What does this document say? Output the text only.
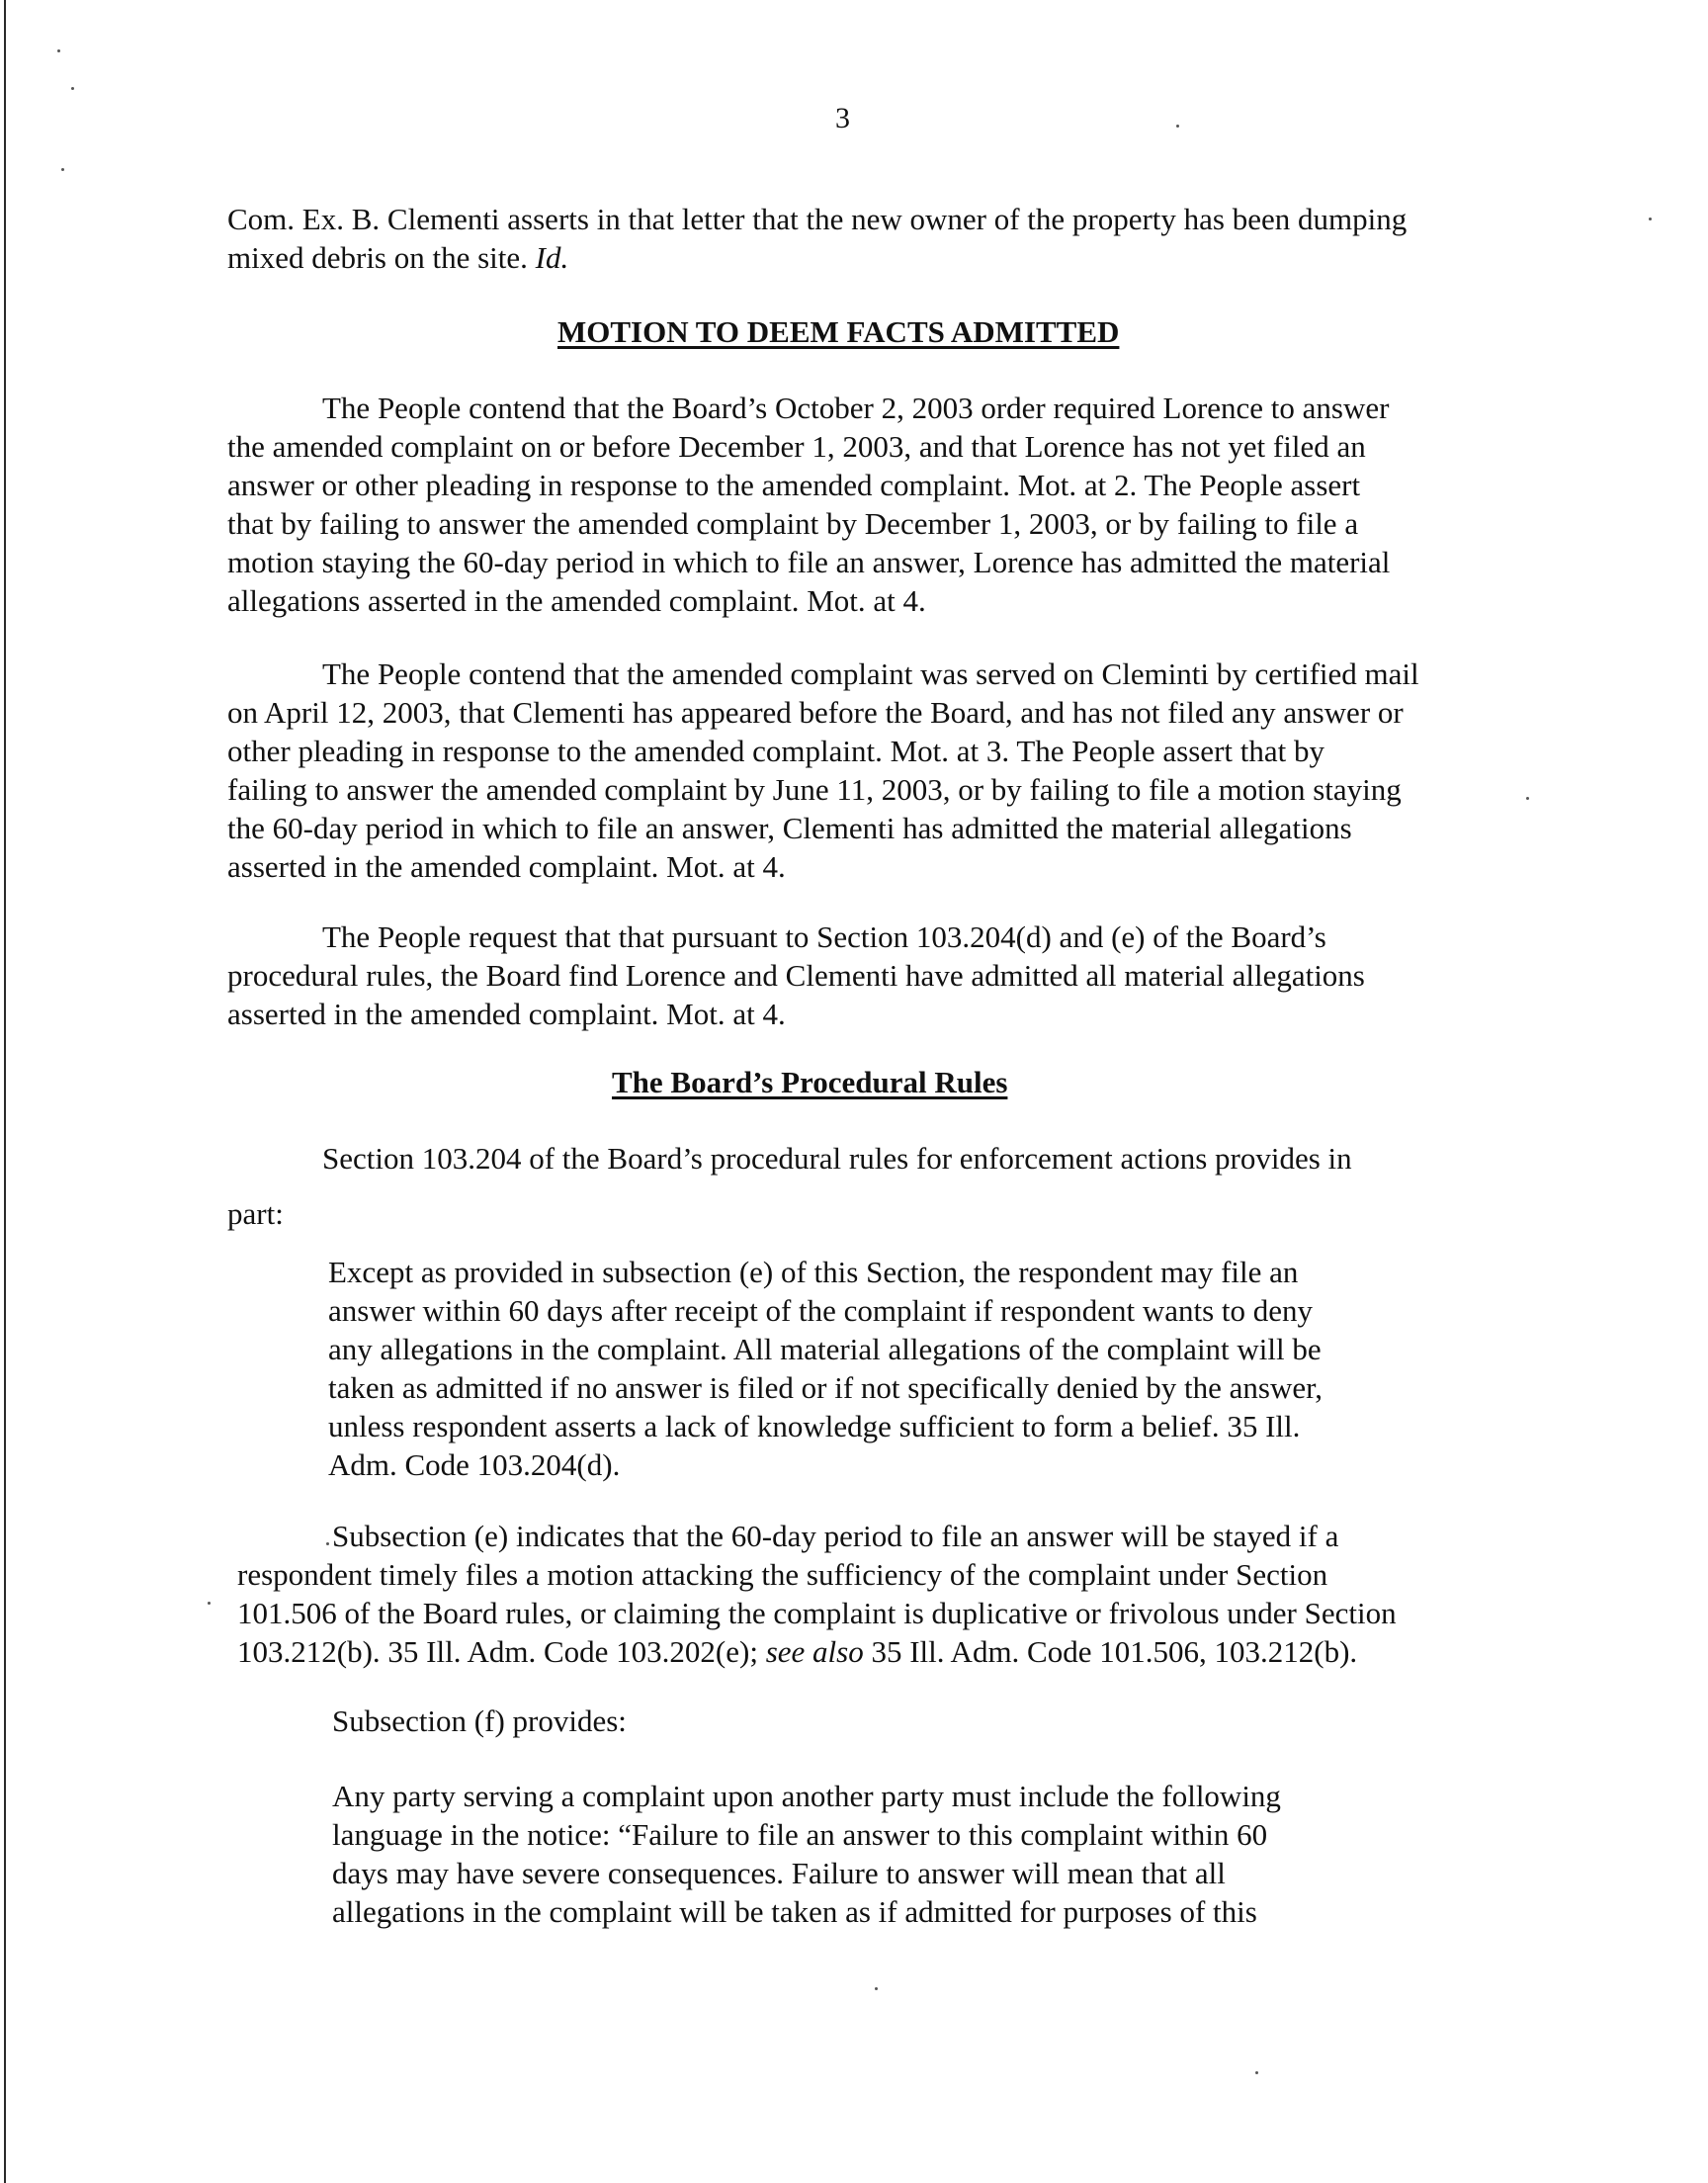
3
Com. Ex. B. Clementi asserts in that letter that the new owner of the property has been dumping
mixed debris on the site. Id.
MOTION TO DEEM FACTS ADMITTED
The People contend that the Board’s October 2, 2003 order required Lorence to answer
the amended complaint on or before December 1, 2003, and that Lorence has not yet filed an
answer or other pleading in response to the amended complaint. Mot. at 2. The People assert
that by failing to answer the amended complaint by December 1, 2003, or by failing to file a
motion staying the 60-day period in which to file an answer, Lorence has admitted the material
allegations asserted in the amended complaint. Mot. at 4.
The People contend that the amended complaint was served on Cleminti by certified mail
on April 12, 2003, that Clementi has appeared before the Board, and has not filed any answer or
other pleading in response to the amended complaint. Mot. at 3. The People assert that by
failing to answer the amended complaint by June 11, 2003, or by failing to file a motion staying
the 60-day period in which to file an answer, Clementi has admitted the material allegations
asserted in the amended complaint. Mot. at 4.
The People request that that pursuant to Section 103.204(d) and (e) of the Board’s
procedural rules, the Board find Lorence and Clementi have admitted all material allegations
asserted in the amended complaint. Mot. at 4.
The Board’s Procedural Rules
Section 103.204 of the Board’s procedural rules for enforcement actions provides in
part:
Except as provided in subsection (e) of this Section, the respondent may file an
answer within 60 days after receipt of the complaint if respondent wants to deny
any allegations in the complaint. All material allegations of the complaint will be
taken as admitted if no answer is filed or if not specifically denied by the answer,
unless respondent asserts a lack of knowledge sufficient to form a belief. 35 Ill.
Adm. Code 103.204(d).
Subsection (e) indicates that the 60-day period to file an answer will be stayed if a
respondent timely files a motion attacking the sufficiency of the complaint under Section
101.506 of the Board rules, or claiming the complaint is duplicative or frivolous under Section
103.212(b). 35 Ill. Adm. Code 103.202(e); see also 35 Ill. Adm. Code 101.506, 103.212(b).
Subsection (f) provides:
Any party serving a complaint upon another party must include the following
language in the notice: “Failure to file an answer to this complaint within 60
days may have severe consequences. Failure to answer will mean that all
allegations in the complaint will be taken as if admitted for purposes of this
